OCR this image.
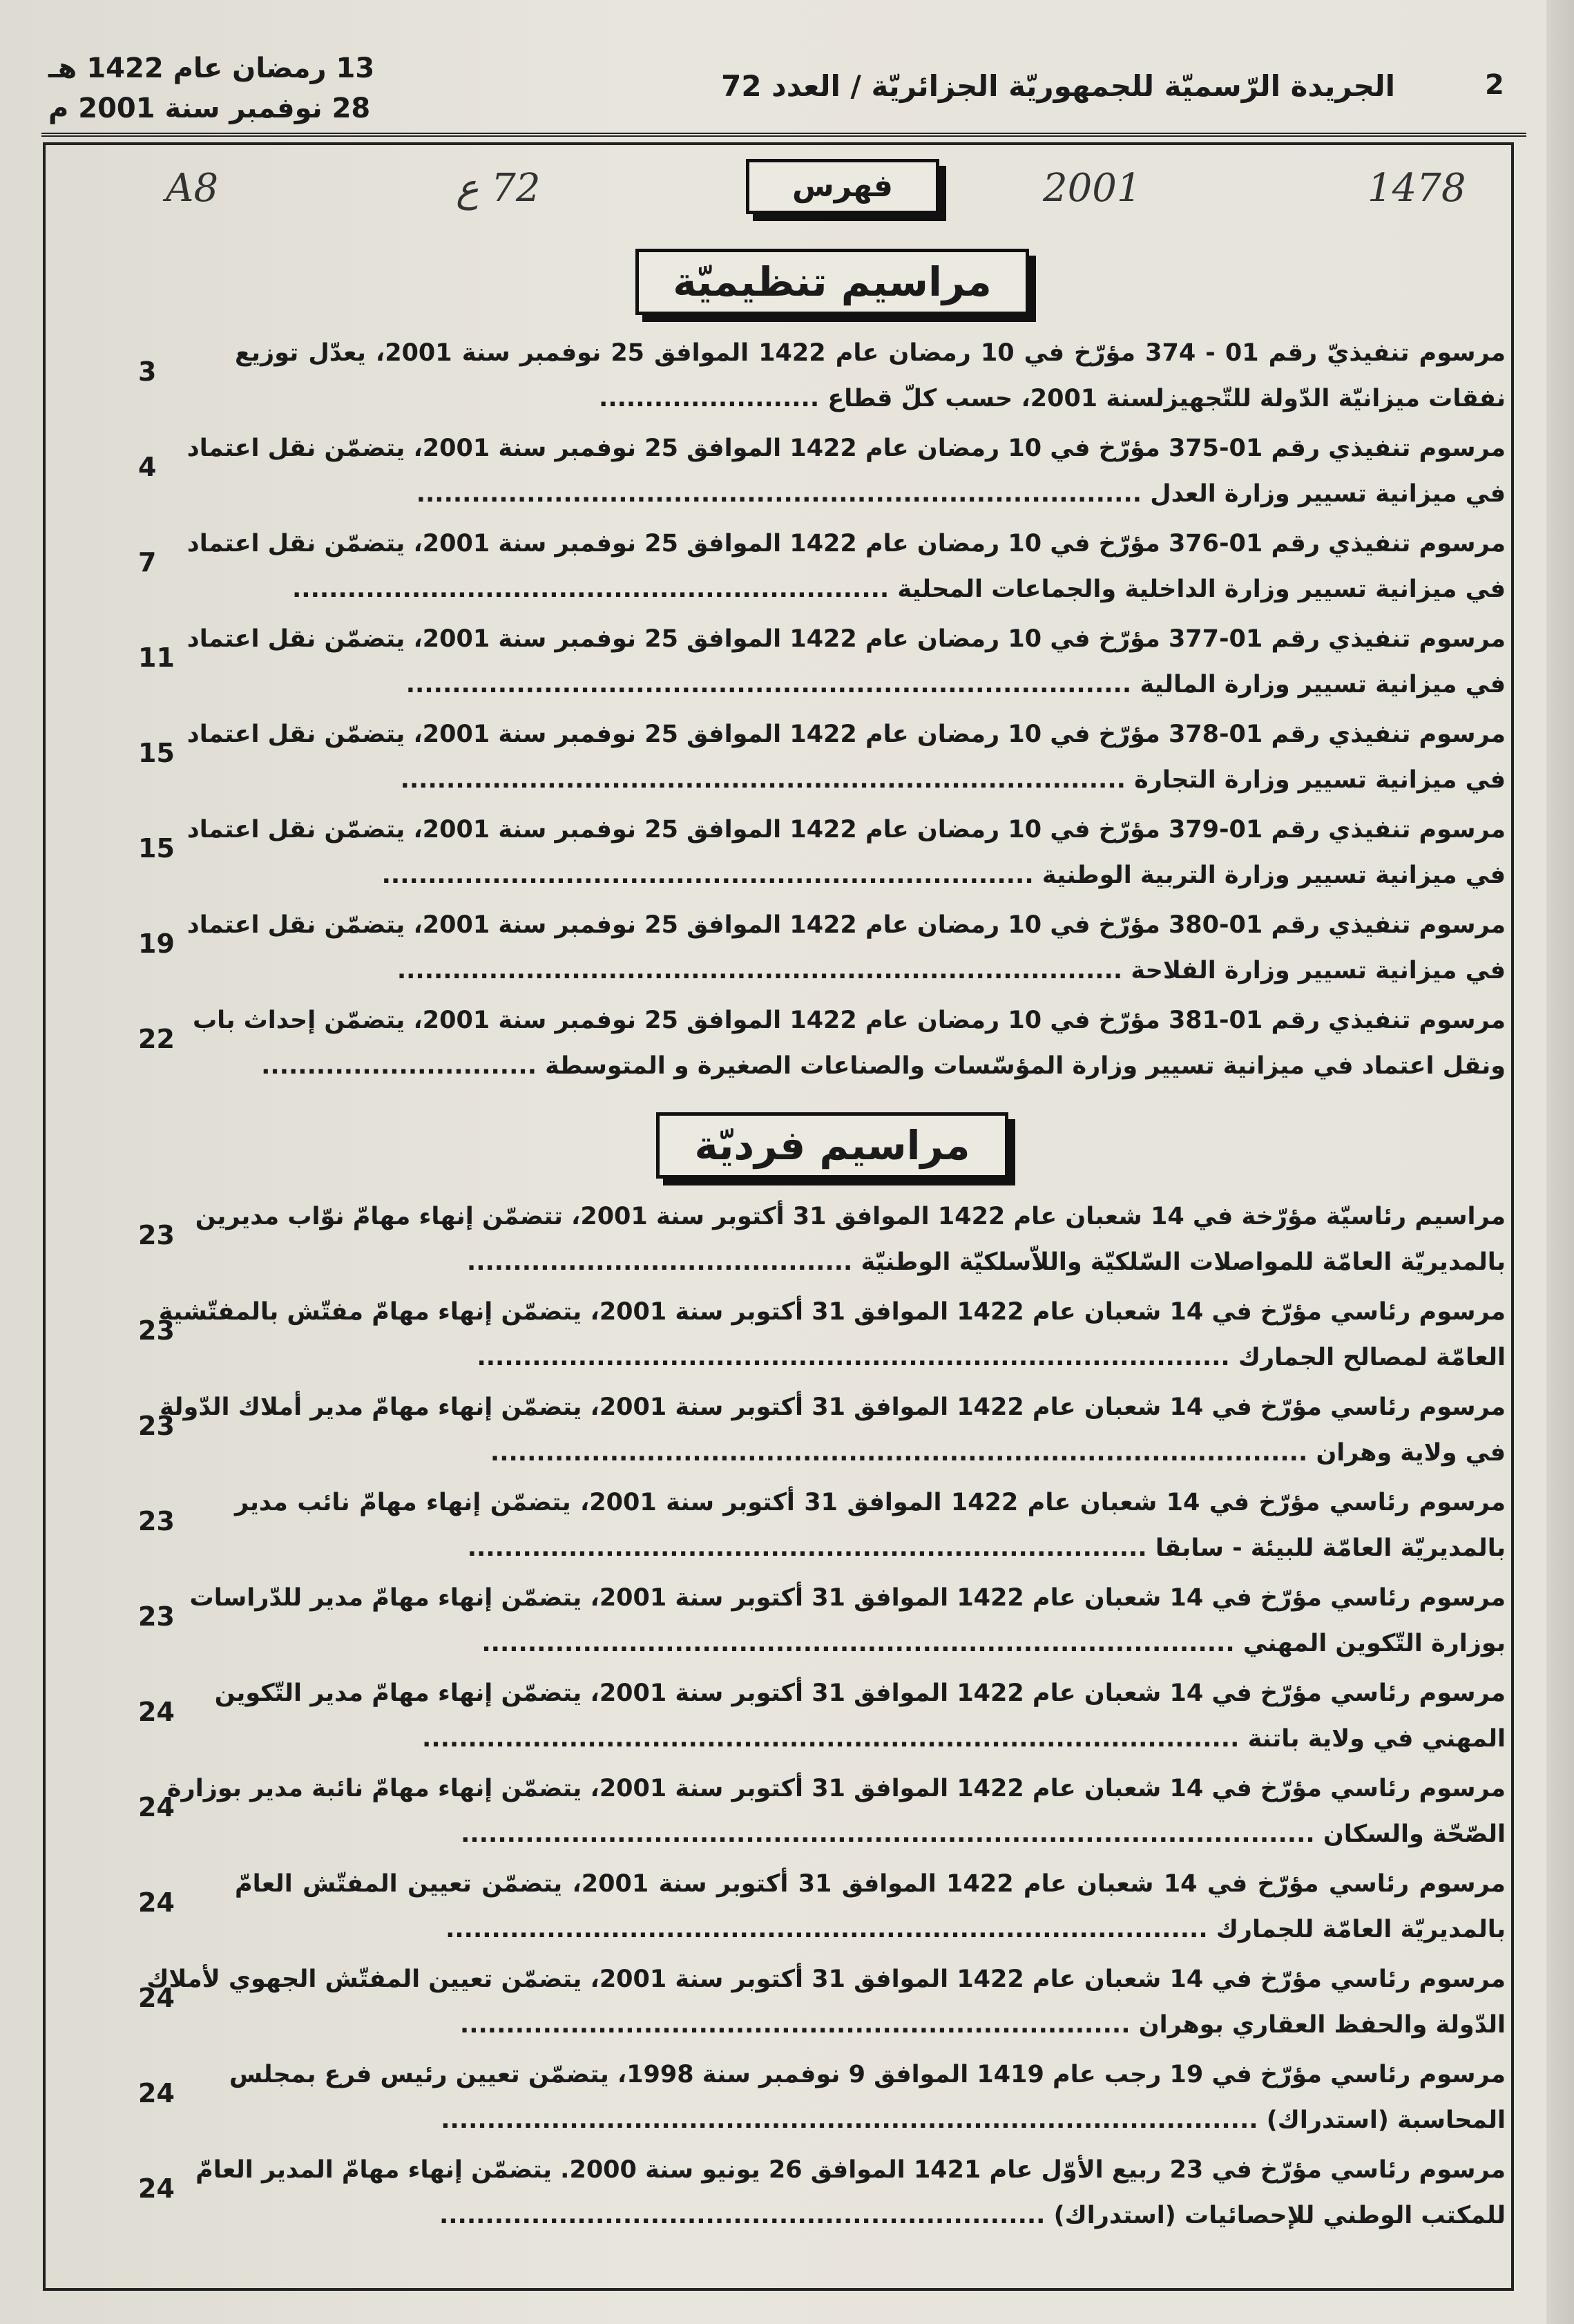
13 رمضان عام 1422 هـ
28 نوفمبر سنة 2001 م
الجريدة الرّسميّة للجمهوريّة الجزائريّة / العدد 72	2
A8	72 ع	2001	1478
فهرس
مراسيم تنظيميّة
مرسوم تنفيذيّ رقم 01 - 374 مؤرّخ في 10 رمضان عام 1422 الموافق 25 نوفمبر سنة 2001، يعدّل توزيع
نفقات ميزانيّة الدّولة للتّجهيزلسنة 2001، حسب كلّ قطاع ........................
3
مرسوم تنفيذي رقم 01-375 مؤرّخ في 10 رمضان عام 1422 الموافق 25 نوفمبر سنة 2001، يتضمّن نقل اعتماد
في ميزانية تسيير وزارة العدل ...............................................................................
4
مرسوم تنفيذي رقم 01-376 مؤرّخ في 10 رمضان عام 1422 الموافق 25 نوفمبر سنة 2001، يتضمّن نقل اعتماد
في ميزانية تسيير وزارة الداخلية والجماعات المحلية .................................................................
7
مرسوم تنفيذي رقم 01-377 مؤرّخ في 10 رمضان عام 1422 الموافق 25 نوفمبر سنة 2001، يتضمّن نقل اعتماد
في ميزانية تسيير وزارة المالية ...............................................................................
11
مرسوم تنفيذي رقم 01-378 مؤرّخ في 10 رمضان عام 1422 الموافق 25 نوفمبر سنة 2001، يتضمّن نقل اعتماد
في ميزانية تسيير وزارة التجارة ...............................................................................
15
مرسوم تنفيذي رقم 01-379 مؤرّخ في 10 رمضان عام 1422 الموافق 25 نوفمبر سنة 2001، يتضمّن نقل اعتماد
في ميزانية تسيير وزارة التربية الوطنية .......................................................................
15
مرسوم تنفيذي رقم 01-380 مؤرّخ في 10 رمضان عام 1422 الموافق 25 نوفمبر سنة 2001، يتضمّن نقل اعتماد
في ميزانية تسيير وزارة الفلاحة ...............................................................................
19
مرسوم تنفيذي رقم 01-381 مؤرّخ في 10 رمضان عام 1422 الموافق 25 نوفمبر سنة 2001، يتضمّن إحداث باب
ونقل اعتماد في ميزانية تسيير وزارة المؤسّسات والصناعات الصغيرة و المتوسطة ..............................
22
مراسيم فرديّة
مراسيم رئاسيّة مؤرّخة في 14 شعبان عام 1422 الموافق 31 أكتوبر سنة 2001، تتضمّن إنهاء مهامّ نوّاب مديرين
بالمديريّة العامّة للمواصلات السّلكيّة واللاّسلكيّة الوطنيّة ..........................................
23
مرسوم رئاسي مؤرّخ في 14 شعبان عام 1422 الموافق 31 أكتوبر سنة 2001، يتضمّن إنهاء مهامّ مفتّش بالمفتّشية
العامّة لمصالح الجمارك ..................................................................................
23
مرسوم رئاسي مؤرّخ في 14 شعبان عام 1422 الموافق 31 أكتوبر سنة 2001، يتضمّن إنهاء مهامّ مدير أملاك الدّولة
في ولاية وهران .........................................................................................
23
مرسوم رئاسي مؤرّخ في 14 شعبان عام 1422 الموافق 31 أكتوبر سنة 2001، يتضمّن إنهاء مهامّ نائب مدير
بالمديريّة العامّة للبيئة - سابقا ..........................................................................
23
مرسوم رئاسي مؤرّخ في 14 شعبان عام 1422 الموافق 31 أكتوبر سنة 2001، يتضمّن إنهاء مهامّ مدير للدّراسات
بوزارة التّكوين المهني ..................................................................................
23
مرسوم رئاسي مؤرّخ في 14 شعبان عام 1422 الموافق 31 أكتوبر سنة 2001، يتضمّن إنهاء مهامّ مدير التّكوين
المهني في ولاية باتنة .........................................................................................
24
مرسوم رئاسي مؤرّخ في 14 شعبان عام 1422 الموافق 31 أكتوبر سنة 2001، يتضمّن إنهاء مهامّ نائبة مدير بوزارة
الصّحّة والسكان .............................................................................................
24
مرسوم رئاسي مؤرّخ في 14 شعبان عام 1422 الموافق 31 أكتوبر سنة 2001، يتضمّن تعيين المفتّش العامّ
بالمديريّة العامّة للجمارك ...................................................................................
24
مرسوم رئاسي مؤرّخ في 14 شعبان عام 1422 الموافق 31 أكتوبر سنة 2001، يتضمّن تعيين المفتّش الجهوي لأملاك
الدّولة والحفظ العقاري بوهران .........................................................................
24
مرسوم رئاسي مؤرّخ في 19 رجب عام 1419 الموافق 9 نوفمبر سنة 1998، يتضمّن تعيين رئيس فرع بمجلس
المحاسبة (استدراك) .........................................................................................
24
مرسوم رئاسي مؤرّخ في 23 ربيع الأوّل عام 1421 الموافق 26 يونيو سنة 2000. يتضمّن إنهاء مهامّ المدير العامّ
للمكتب الوطني للإحصائيات (استدراك) ..................................................................
24
